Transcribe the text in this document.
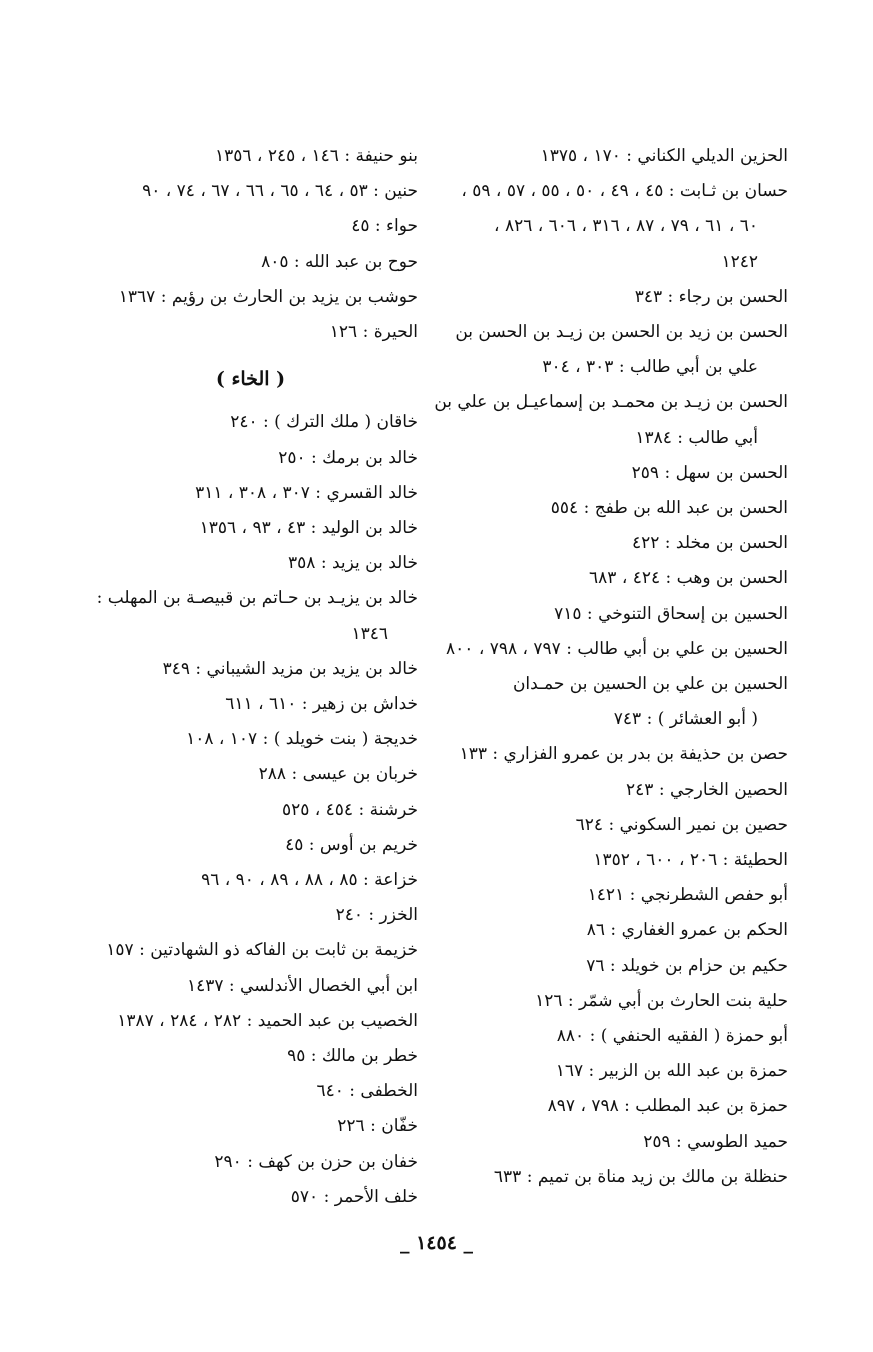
الحزين الديلي الكناني : ١٧٠ ، ١٣٧٥
حسان بن ثـابت : ٤٥ ، ٤٩ ، ٥٠ ، ٥٥ ، ٥٧ ، ٥٩ ،
٦٠ ، ٦١ ، ٧٩ ، ٨٧ ، ٣١٦ ، ٦٠٦ ، ٨٢٦ ،
١٢٤٢
الحسن بن رجاء : ٣٤٣
الحسن بن زيد بن الحسن بن زيـد بن الحسن بن
علي بن أبي طالب : ٣٠٣ ، ٣٠٤
الحسن بن زيـد بن محمـد بن إسماعيـل بن علي بن
أبي طالب : ١٣٨٤
الحسن بن سهل : ٢٥٩
الحسن بن عبد الله بن طفج : ٥٥٤
الحسن بن مخلد : ٤٢٢
الحسن بن وهب : ٤٢٤ ، ٦٨٣
الحسين بن إسحاق التنوخي : ٧١٥
الحسين بن علي بن أبي طالب : ٧٩٧ ، ٧٩٨ ، ٨٠٠
الحسين بن علي بن الحسين بن حمـدان
( أبو العشائر ) : ٧٤٣
حصن بن حذيفة بن بدر بن عمرو الفزاري : ١٣٣
الحصين الخارجي : ٢٤٣
حصين بن نمير السكوني : ٦٢٤
الحطيئة : ٢٠٦ ، ٦٠٠ ، ١٣٥٢
أبو حفص الشطرنجي : ١٤٢١
الحكم بن عمرو الغفاري : ٨٦
حكيم بن حزام بن خويلد : ٧٦
حلية بنت الحارث بن أبي شمّر : ١٢٦
أبو حمزة ( الفقيه الحنفي ) : ٨٨٠
حمزة بن عبد الله بن الزبير : ١٦٧
حمزة بن عبد المطلب : ٧٩٨ ، ٨٩٧
حميد الطوسي : ٢٥٩
حنظلة بن مالك بن زيد مناة بن تميم : ٦٣٣
بنو حنيفة : ١٤٦ ، ٢٤٥ ، ١٣٥٦
حنين : ٥٣ ، ٦٤ ، ٦٥ ، ٦٦ ، ٦٧ ، ٧٤ ، ٩٠
حواء : ٤٥
حوح بن عبد الله : ٨٠٥
حوشب بن يزيد بن الحارث بن رؤيم : ١٣٦٧
الحيرة : ١٢٦
( الخاء )
خاقان ( ملك الترك ) : ٢٤٠
خالد بن برمك : ٢٥٠
خالد القسري : ٣٠٧ ، ٣٠٨ ، ٣١١
خالد بن الوليد : ٤٣ ، ٩٣ ، ١٣٥٦
خالد بن يزيد : ٣٥٨
خالد بن يزيـد بن حـاتم بن قبيصـة بن المهلب :
١٣٤٦
خالد بن يزيد بن مزيد الشيباني : ٣٤٩
خداش بن زهير : ٦١٠ ، ٦١١
خديجة ( بنت خويلد ) : ١٠٧ ، ١٠٨
خربان بن عيسى : ٢٨٨
خرشنة : ٤٥٤ ، ٥٢٥
خريم بن أوس : ٤٥
خزاعة : ٨٥ ، ٨٨ ، ٨٩ ، ٩٠ ، ٩٦
الخزر : ٢٤٠
خزيمة بن ثابت بن الفاكه ذو الشهادتين : ١٥٧
ابن أبي الخصال الأندلسي : ١٤٣٧
الخصيب بن عبد الحميد : ٢٨٢ ، ٢٨٤ ، ١٣٨٧
خطر بن مالك : ٩٥
الخطفى : ٦٤٠
خفّان : ٢٢٦
خفان بن حزن بن كهف : ٢٩٠
خلف الأحمر : ٥٧٠
_ ١٤٥٤ _
